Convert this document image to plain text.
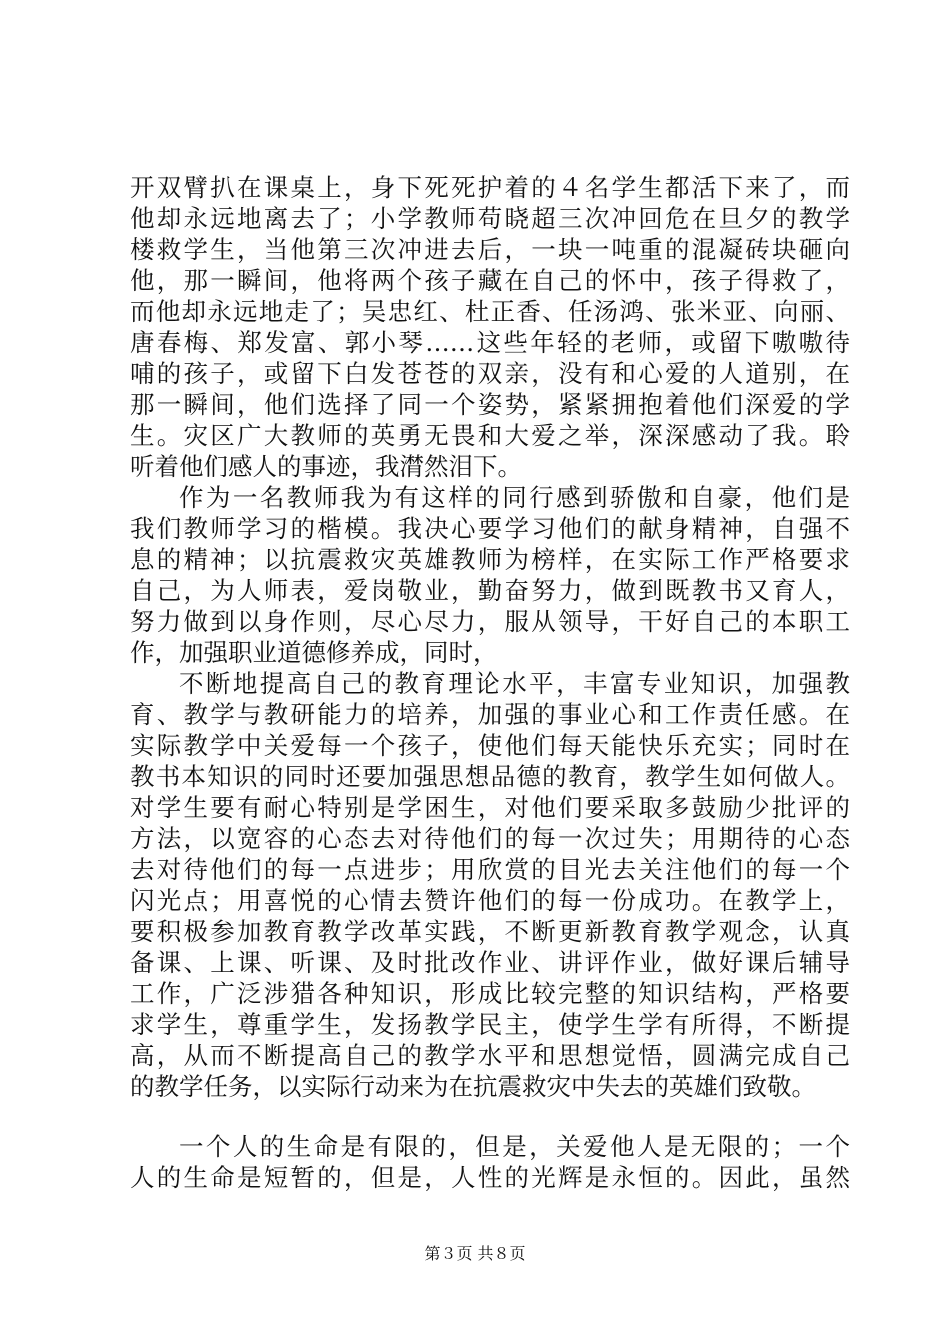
开双臂扒在课桌上，身下死死护着的４名学生都活下来了，而
他却永远地离去了；小学教师苟晓超三次冲回危在旦夕的教学
楼救学生，当他第三次冲进去后，一块一吨重的混凝砖块砸向
他，那一瞬间，他将两个孩子藏在自己的怀中，孩子得救了，
而他却永远地走了；吴忠红、杜正香、任汤鸿、张米亚、向丽、
唐春梅、郑发富、郭小琴……这些年轻的老师，或留下嗷嗷待
哺的孩子，或留下白发苍苍的双亲，没有和心爱的人道别，在
那一瞬间，他们选择了同一个姿势，紧紧拥抱着他们深爱的学
生。灾区广大教师的英勇无畏和大爱之举，深深感动了我。聆
听着他们感人的事迹，我潸然泪下。
作为一名教师我为有这样的同行感到骄傲和自豪，他们是
我们教师学习的楷模。我决心要学习他们的献身精神，自强不
息的精神；以抗震救灾英雄教师为榜样，在实际工作严格要求
自己，为人师表，爱岗敬业，勤奋努力，做到既教书又育人，
努力做到以身作则，尽心尽力，服从领导，干好自己的本职工
作，加强职业道德修养成，同时，
不断地提高自己的教育理论水平，丰富专业知识，加强教
育、教学与教研能力的培养，加强的事业心和工作责任感。在
实际教学中关爱每一个孩子，使他们每天能快乐充实；同时在
教书本知识的同时还要加强思想品德的教育，教学生如何做人。
对学生要有耐心特别是学困生，对他们要采取多鼓励少批评的
方法，以宽容的心态去对待他们的每一次过失；用期待的心态
去对待他们的每一点进步；用欣赏的目光去关注他们的每一个
闪光点；用喜悦的心情去赞许他们的每一份成功。在教学上，
要积极参加教育教学改革实践，不断更新教育教学观念，认真
备课、上课、听课、及时批改作业、讲评作业，做好课后辅导
工作，广泛涉猎各种知识，形成比较完整的知识结构，严格要
求学生，尊重学生，发扬教学民主，使学生学有所得，不断提
高，从而不断提高自己的教学水平和思想觉悟，圆满完成自己
的教学任务，以实际行动来为在抗震救灾中失去的英雄们致敬。
一个人的生命是有限的，但是，关爱他人是无限的；一个
人的生命是短暂的，但是，人性的光辉是永恒的。因此，虽然
第３页 共８页
